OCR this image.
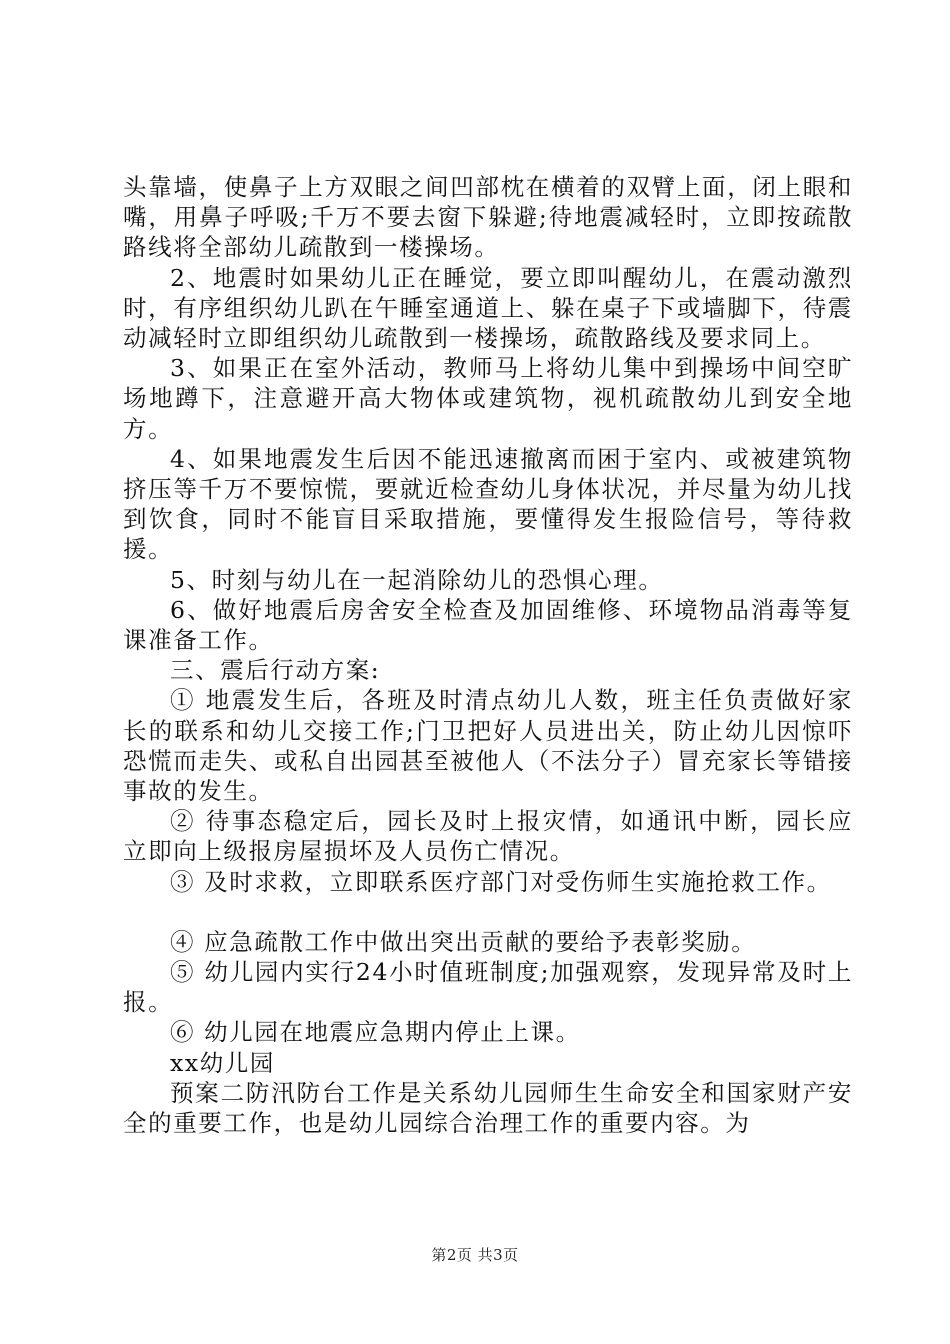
头靠墙，使鼻子上方双眼之间凹部枕在横着的双臂上面，闭上眼和嘴，用鼻子呼吸;千万不要去窗下躲避;待地震减轻时，立即按疏散路线将全部幼儿疏散到一楼操场。

2、地震时如果幼儿正在睡觉，要立即叫醒幼儿，在震动激烈时，有序组织幼儿趴在午睡室通道上、躲在桌子下或墙脚下，待震动减轻时立即组织幼儿疏散到一楼操场，疏散路线及要求同上。

3、如果正在室外活动，教师马上将幼儿集中到操场中间空旷场地蹲下，注意避开高大物体或建筑物，视机疏散幼儿到安全地方。

4、如果地震发生后因不能迅速撤离而困于室内、或被建筑物挤压等千万不要惊慌，要就近检查幼儿身体状况，并尽量为幼儿找到饮食，同时不能盲目采取措施，要懂得发生报险信号，等待救援。

5、时刻与幼儿在一起消除幼儿的恐惧心理。

6、做好地震后房舍安全检查及加固维修、环境物品消毒等复课准备工作。

三、震后行动方案:

① 地震发生后，各班及时清点幼儿人数，班主任负责做好家长的联系和幼儿交接工作;门卫把好人员进出关，防止幼儿因惊吓恐慌而走失、或私自出园甚至被他人（不法分子）冒充家长等错接事故的发生。

② 待事态稳定后，园长及时上报灾情，如通讯中断，园长应立即向上级报房屋损坏及人员伤亡情况。

③ 及时求救，立即联系医疗部门对受伤师生实施抢救工作。

④ 应急疏散工作中做出突出贡献的要给予表彰奖励。

⑤ 幼儿园内实行24小时值班制度;加强观察，发现异常及时上报。

⑥ 幼儿园在地震应急期内停止上课。

xx幼儿园

预案二防汛防台工作是关系幼儿园师生生命安全和国家财产安全的重要工作，也是幼儿园综合治理工作的重要内容。为

第2页 共3页
